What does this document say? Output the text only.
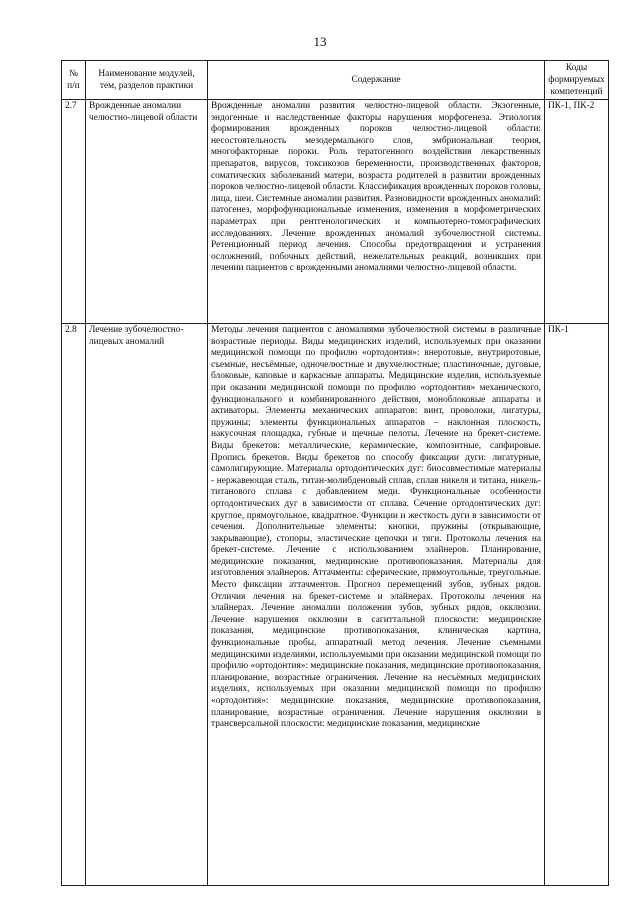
13
№ п/п	Наименование модулей, тем, разделов практики	Содержание	Коды формируемых компетенций
2.7	Врожденные аномалии челюстно-лицевой области	Врожденные аномалии развития челюстно-лицевой области. Экзогенные, эндогенные и наследственные факторы нарушения морфогенеза. Этиология формирования врожденных пороков челюстно-лицевой области: несостоятельность мезодермального слоя, эмбриональная теория, многофакторные пороки. Роль тератогенного воздействия лекарственных препаратов, вирусов, токсикозов беременности, производственных факторов, соматических заболеваний матери, возраста родителей в развитии врожденных пороков челюстно-лицевой области. Классификация врожденных пороков головы, лица, шеи. Системные аномалии развития. Разновидности врожденных аномалий: патогенез, морфофункциональные изменения, изменения в морфометрических параметрах при рентгенологических и компьютерно-томографических исследованиях. Лечение врожденных аномалий зубочелюстной системы. Ретенционный период лечения. Способы предотвращения и устранения осложнений, побочных действий, нежелательных реакций, возникших при лечении пациентов с врожденными аномалиями челюстно-лицевой области.	ПК-1, ПК-2
2.8	Лечение зубочелюстно-лицевых аномалий	Методы лечения пациентов с аномалиями зубочелюстной системы в различные возрастные периоды. Виды медицинских изделий, используемых при оказании медицинской помощи по профилю «ортодонтия»: внеротовые, внутриротовые, съемные, несъёмные, одночелюстные и двухчелюстные; пластиночные, дуговые, блоковые, каповые и каркасные аппараты. Медицинские изделия, используемые при оказании медицинской помощи по профилю «ортодонтия» механического, функционального и комбинированного действия, моноблоковые аппараты и активаторы. Элементы механических аппаратов: винт, проволоки, лигатуры, пружины; элементы функциональных аппаратов – наклонная плоскость, накусочная площадка, губные и щечные пелоты. Лечение на брекет-системе. Виды брекетов: металлические, керамические, композитные, сапфировые. Пропись брекетов. Виды брекетов по способу фиксации дуги: лигатурные, самолигирующие. Материалы ортодонтических дуг: биосовместимые материалы - нержавеющая сталь, титан-молибденовый сплав, сплав никеля и титана, никель-титанового сплава с добавлением меди. Функциональные особенности ортодонтических дуг в зависимости от сплава. Сечение ортодонтических дуг: круглое, прямоугольное, квадратное. Функции и жесткость дуги в зависимости от сечения. Дополнительные элементы: кнопки, пружины (открывающие, закрывающие), стопоры, эластические цепочки и тяги. Протоколы лечения на брекет-системе. Лечение с использованием элайнеров. Планирование, медицинские показания, медицинские противопоказания. Материалы для изготовления элайнеров. Аттачменты: сферические, прямоугольные, треугольные. Место фиксации аттачментов. Прогноз перемещений зубов, зубных рядов. Отличия лечения на брекет-системе и элайнерах. Протоколы лечения на элайнерах. Лечение аномалии положения зубов, зубных рядов, окклюзии. Лечение нарушения окклюзии в сагиттальной плоскости: медицинские показания, медицинские противопоказания, клиническая картина, функциональные пробы, аппаратный метод лечения. Лечение съемными медицинскими изделиями, используемыми при оказании медицинской помощи по профилю «ортодонтия»: медицинские показания, медицинские противопоказания, планирование, возрастные ограничения. Лечение на несъёмных медицинских изделиях, используемых при оказании медицинской помощи по профилю «ортодонтия»: медицинские показания, медицинские противопоказания, планирование, возрастные ограничения. Лечение нарушения окклюзии в трансверсальной плоскости: медицинские показания, медицинские	ПК-1
